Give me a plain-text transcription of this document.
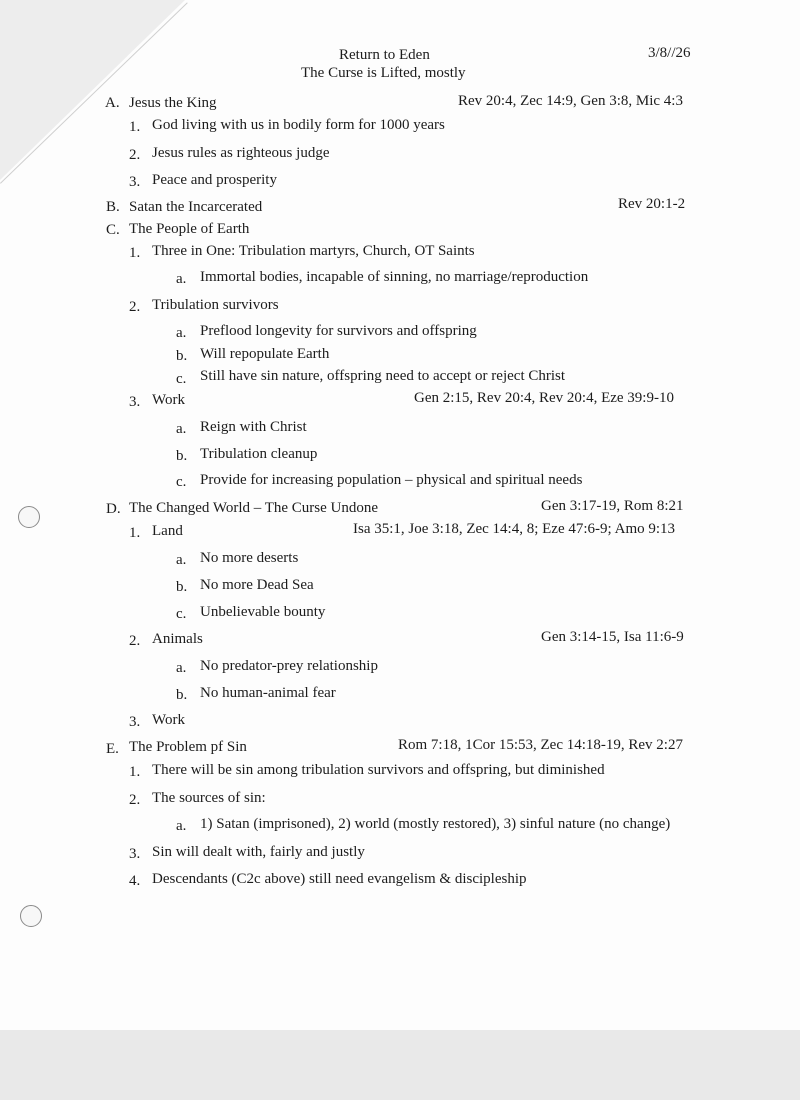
Return to Eden
The Curse is Lifted, mostly
3/8//26
A. Jesus the King	Rev 20:4, Zec 14:9, Gen 3:8, Mic 4:3
1. God living with us in bodily form for 1000 years
2. Jesus rules as righteous judge
3. Peace and prosperity
B. Satan the Incarcerated	Rev 20:1-2
C. The People of Earth
1. Three in One: Tribulation martyrs, Church, OT Saints
a. Immortal bodies, incapable of sinning, no marriage/reproduction
2. Tribulation survivors
a. Preflood longevity for survivors and offspring
b. Will repopulate Earth
c. Still have sin nature, offspring need to accept or reject Christ
3. Work	Gen 2:15, Rev 20:4, Rev 20:4, Eze 39:9-10
a. Reign with Christ
b. Tribulation cleanup
c. Provide for increasing population – physical and spiritual needs
D. The Changed World – The Curse Undone	Gen 3:17-19, Rom 8:21
1. Land	Isa 35:1, Joe 3:18, Zec 14:4, 8; Eze 47:6-9; Amo 9:13
a. No more deserts
b. No more Dead Sea
c. Unbelievable bounty
2. Animals	Gen 3:14-15, Isa 11:6-9
a. No predator-prey relationship
b. No human-animal fear
3. Work
E. The Problem pf Sin	Rom 7:18, 1Cor 15:53, Zec 14:18-19, Rev 2:27
1. There will be sin among tribulation survivors and offspring, but diminished
2. The sources of sin:
a. 1) Satan (imprisoned), 2) world (mostly restored), 3) sinful nature (no change)
3. Sin will dealt with, fairly and justly
4. Descendants (C2c above) still need evangelism & discipleship
